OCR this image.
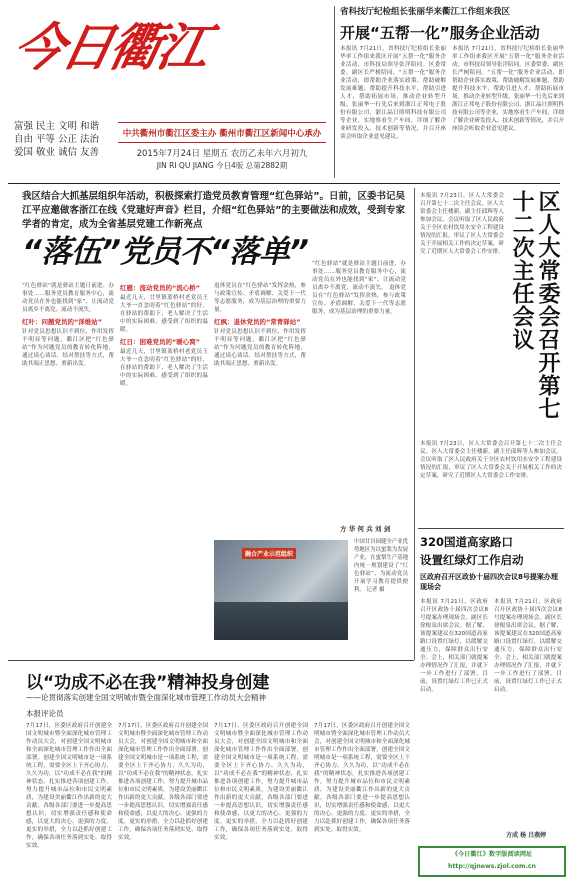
今日衢江
富强 民主 文明 和谐
自由 平等 公正 法治
爱国 敬业 诚信 友善
中共衢州市衢江区委主办 衢州市衢江区新闻中心承办
2015年7月24日 星期五 农历乙未年六月初九
JIN RI QU JIANG 今日4版 总第2882期
省科技厅纪检组长张丽华来衢江工作组来我区
开展“五帮一化”服务企业活动
本报讯 7月21日，省科技厅纪检组长张丽华率工作组来我区开展“五帮一化”服务企业活动，市科技局领导张洋陪同。区委常委、副区长严树陪同。“五帮一化”服务企业活动，即帮助企业落实政策、帮助破解发展难题、帮助提升科技水平、帮助引进人才、帮助拓展市场，推动企业转型升级。张丽华一行先后来到浙江正邦电子股份有限公司、浙江晶日照明科技有限公司等企业，实地察看生产车间，详细了解企业研发投入、技术创新等情况，并召开座谈会听取企业意见建议。
本报讯 7月21日，省科技厅纪检组长张丽华率工作组来我区开展“五帮一化”服务企业活动，市科技局领导张洋陪同。区委常委、副区长严树陪同。“五帮一化”服务企业活动，即帮助企业落实政策、帮助破解发展难题、帮助提升科技水平、帮助引进人才、帮助拓展市场，推动企业转型升级。张丽华一行先后来到浙江正邦电子股份有限公司、浙江晶日照明科技有限公司等企业，实地察看生产车间，详细了解企业研发投入、技术创新等情况，并召开座谈会听取企业意见建议。
我区结合大抓基层组织年活动，积极探索打造党员教育管理“红色驿站”。日前，区委书记吴江平应邀做客浙江在线《党建好声音》栏目，介绍“红色驿站”的主要做法和成效，受到专家学者的肯定，成为全省基层党建工作新亮点
“落伍”党员不“落单”
“红色驿站”就是驿站主题日前进、办事处……服务党员教育服务中心，流动党员在外也能找到“家”，让流动党员离乡不离党、流动不流失。
红叶：问题党员的“泽维站”
针对党员思想认识不到位、作用发挥不明显等问题，衢江区把“红色驿站”作为问题党员的教育转化阵地，通过谈心谈话、结对帮扶等方式，帮助其端正思想、重新出发。
红雁：流动党员的“流心桥”
最近几天，廿里镇蓝桥村老党员王大爷一直念叨着“红色驿站”的好，在驿站的帮助下，老人解决了生活中的实际困难，感受到了组织的温暖。
红日：困难党员的“暖心窝”
最近几天，廿里镇蓝桥村老党员王大爷一直念叨着“红色驿站”的好，在驿站的帮助下，老人解决了生活中的实际困难，感受到了组织的温暖。
退休党员在“红色驿站”发挥余热，参与政策宣传、矛盾调解、关爱下一代等志愿服务，成为基层治理的重要力量。
红枫：退休党员的“常青驿站”
针对党员思想认识不到位、作用发挥不明显等问题，衢江区把“红色驿站”作为问题党员的教育转化阵地，通过谈心谈话、结对帮扶等方式，帮助其端正思想、重新出发。
“红色驿站”就是驿站主题日前进、办事处……服务党员教育服务中心，流动党员在外也能找到“家”，让流动党员离乡不离党、流动不流失。 退休党员在“红色驿站”发挥余热，参与政策宣传、矛盾调解、关爱下一代等志愿服务，成为基层治理的重要力量。
方 华 何 兵 刘 剑
融合产业示范组织
中国甘谷园健全产业优势地区为以蜜梨为发展产业，在蜜梨生产基地内统一规划建设了“红色驿站”，为流动党员开展学习教育提供便利。 记者 摄
区人大常委会召开第七十二次主任会议
本报讯 7月23日，区人大常委会召开第七十二次主任会议。区人大常委会主任楼新，副主任邱辉等人参加会议。会议听取了区人民政府关于全区农村饮用水安全工程建设情况的汇报，审议了区人大常委会关于开展相关工作的决定草案，研究了近期区人大常委会工作安排。
本报讯 7月23日，区人大常委会召开第七十二次主任会议。区人大常委会主任楼新，副主任邱辉等人参加会议。会议听取了区人民政府关于全区农村饮用水安全工程建设情况的汇报，审议了区人大常委会关于开展相关工作的决定草案，研究了近期区人大常委会工作安排。
320国道高家路口
设置红绿灯工作启动
区政府召开区政协十届四次会议8号提案办理现场会
本报讯 7月21日，区政府召开区政协十届四次会议8号提案办理现场会。副区长徐根泉出席会议。据了解，该提案建议在320国道高家路口设置红绿灯，以缓解交通压力，保障群众出行安全。会上，相关部门就提案办理情况作了汇报，并就下一步工作进行了部署。目前，设置红绿灯工作已正式启动。
本报讯 7月21日，区政府召开区政协十届四次会议8号提案办理现场会。副区长徐根泉出席会议。据了解，该提案建议在320国道高家路口设置红绿灯，以缓解交通压力，保障群众出行安全。会上，相关部门就提案办理情况作了汇报，并就下一步工作进行了部署。目前，设置红绿灯工作已正式启动。
方成 杨 吕燕婷
以“功成不必在我”精神投身创建
——论贯彻落实创建全国文明城市暨全面深化城市管理工作动员大会精神
本报评论员
7月17日，区委区政府召开创建全国文明城市暨全面深化城市管理工作动员大会，对创建全国文明城市和全面深化城市管理工作作出全面部署。创建全国文明城市是一项系统工程，需要全区上下齐心协力、久久为功，以“功成不必在我”的精神状态，扎实推进各项创建工作，努力提升城市品位和市民文明素质，为建设美丽衢江作出新的更大贡献。各级各部门要进一步提高思想认识，切实增强责任感和使命感，以更大的决心、更强的力度、更实的举措，全力以赴抓好创建工作，确保各项任务落到实处、取得实效。
7月17日，区委区政府召开创建全国文明城市暨全面深化城市管理工作动员大会，对创建全国文明城市和全面深化城市管理工作作出全面部署。创建全国文明城市是一项系统工程，需要全区上下齐心协力、久久为功，以“功成不必在我”的精神状态，扎实推进各项创建工作，努力提升城市品位和市民文明素质，为建设美丽衢江作出新的更大贡献。各级各部门要进一步提高思想认识，切实增强责任感和使命感，以更大的决心、更强的力度、更实的举措，全力以赴抓好创建工作，确保各项任务落到实处、取得实效。
7月17日，区委区政府召开创建全国文明城市暨全面深化城市管理工作动员大会，对创建全国文明城市和全面深化城市管理工作作出全面部署。创建全国文明城市是一项系统工程，需要全区上下齐心协力、久久为功，以“功成不必在我”的精神状态，扎实推进各项创建工作，努力提升城市品位和市民文明素质，为建设美丽衢江作出新的更大贡献。各级各部门要进一步提高思想认识，切实增强责任感和使命感，以更大的决心、更强的力度、更实的举措，全力以赴抓好创建工作，确保各项任务落到实处、取得实效。
7月17日，区委区政府召开创建全国文明城市暨全面深化城市管理工作动员大会，对创建全国文明城市和全面深化城市管理工作作出全面部署。创建全国文明城市是一项系统工程，需要全区上下齐心协力、久久为功，以“功成不必在我”的精神状态，扎实推进各项创建工作，努力提升城市品位和市民文明素质，为建设美丽衢江作出新的更大贡献。各级各部门要进一步提高思想认识，切实增强责任感和使命感，以更大的决心、更强的力度、更实的举措，全力以赴抓好创建工作，确保各项任务落到实处、取得实效。
《今日衢江》数字版阅读网址 http://qjnews.zjol.com.cn
